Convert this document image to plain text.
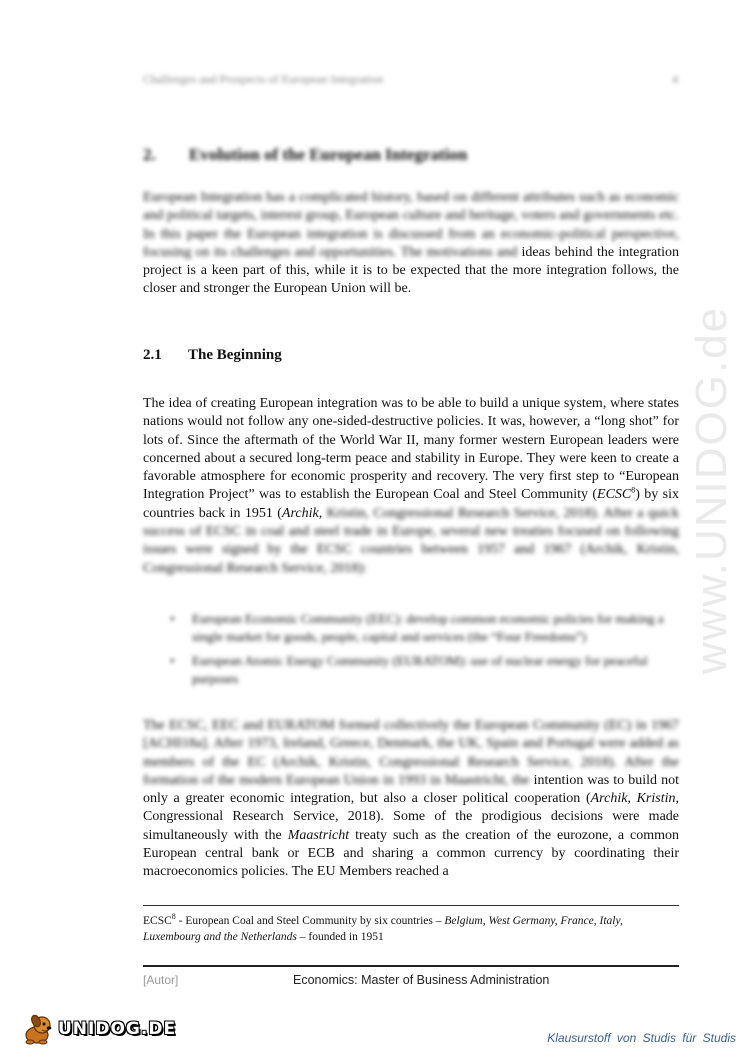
Challenges and Prospects of European Integration	4
2. Evolution of the European Integration
European Integration has a complicated history, based on different attributes such as economic and political targets, interest group, European culture and heritage, voters and governments etc. In this paper the European integration is discussed from an economic-political perspective, focusing on its challenges and opportunities. The motivations and ideas behind the integration project is a keen part of this, while it is to be expected that the more integration follows, the closer and stronger the European Union will be.
2.1 The Beginning
The idea of creating European integration was to be able to build a unique system, where states nations would not follow any one-sided-destructive policies. It was, however, a “long shot” for lots of. Since the aftermath of the World War II, many former western European leaders were concerned about a secured long-term peace and stability in Europe. They were keen to create a favorable atmosphere for economic prosperity and recovery. The very first step to “European Integration Project” was to establish the European Coal and Steel Community (ECSC$^8$) by six countries back in 1951 (Archik, Kristin, Congressional Research Service, 2018). After a quick success of ECSC in coal and steel trade in Europe, several new treaties focused on following issues were signed by the ECSC countries between 1957 and 1967 (Archik, Kristin, Congressional Research Service, 2018):
•	European Economic Community (EEC): develop common economic policies for making a single market for goods, people, capital and services (the “Four Freedoms”)
•	European Atomic Energy Community (EURATOM): use of nuclear energy for peaceful purposes
The ECSC, EEC and EURATOM formed collectively the European Community (EC) in 1967 [ACHI18a]. After 1973, Ireland, Greece, Denmark, the UK, Spain and Portugal were added as members of the EC (Archik, Kristin, Congressional Research Service, 2018). After the formation of the modern European Union in 1993 in Maastricht, the intention was to build not only a greater economic integration, but also a closer political cooperation (Archik, Kristin, Congressional Research Service, 2018). Some of the prodigious decisions were made simultaneously with the Maastricht treaty such as the creation of the eurozone, a common European central bank or ECB and sharing a common currency by coordinating their macroeconomics policies. The EU Members reached a
ECSC$^8$ - European Coal and Steel Community by six countries – Belgium, West Germany, France, Italy, Luxembourg and the Netherlands – founded in 1951
[Autor]	Economics: Master of Business Administration
www.UNIDOG.de
UNIDOG.DE	Klausurstoff von Studis für Studis
